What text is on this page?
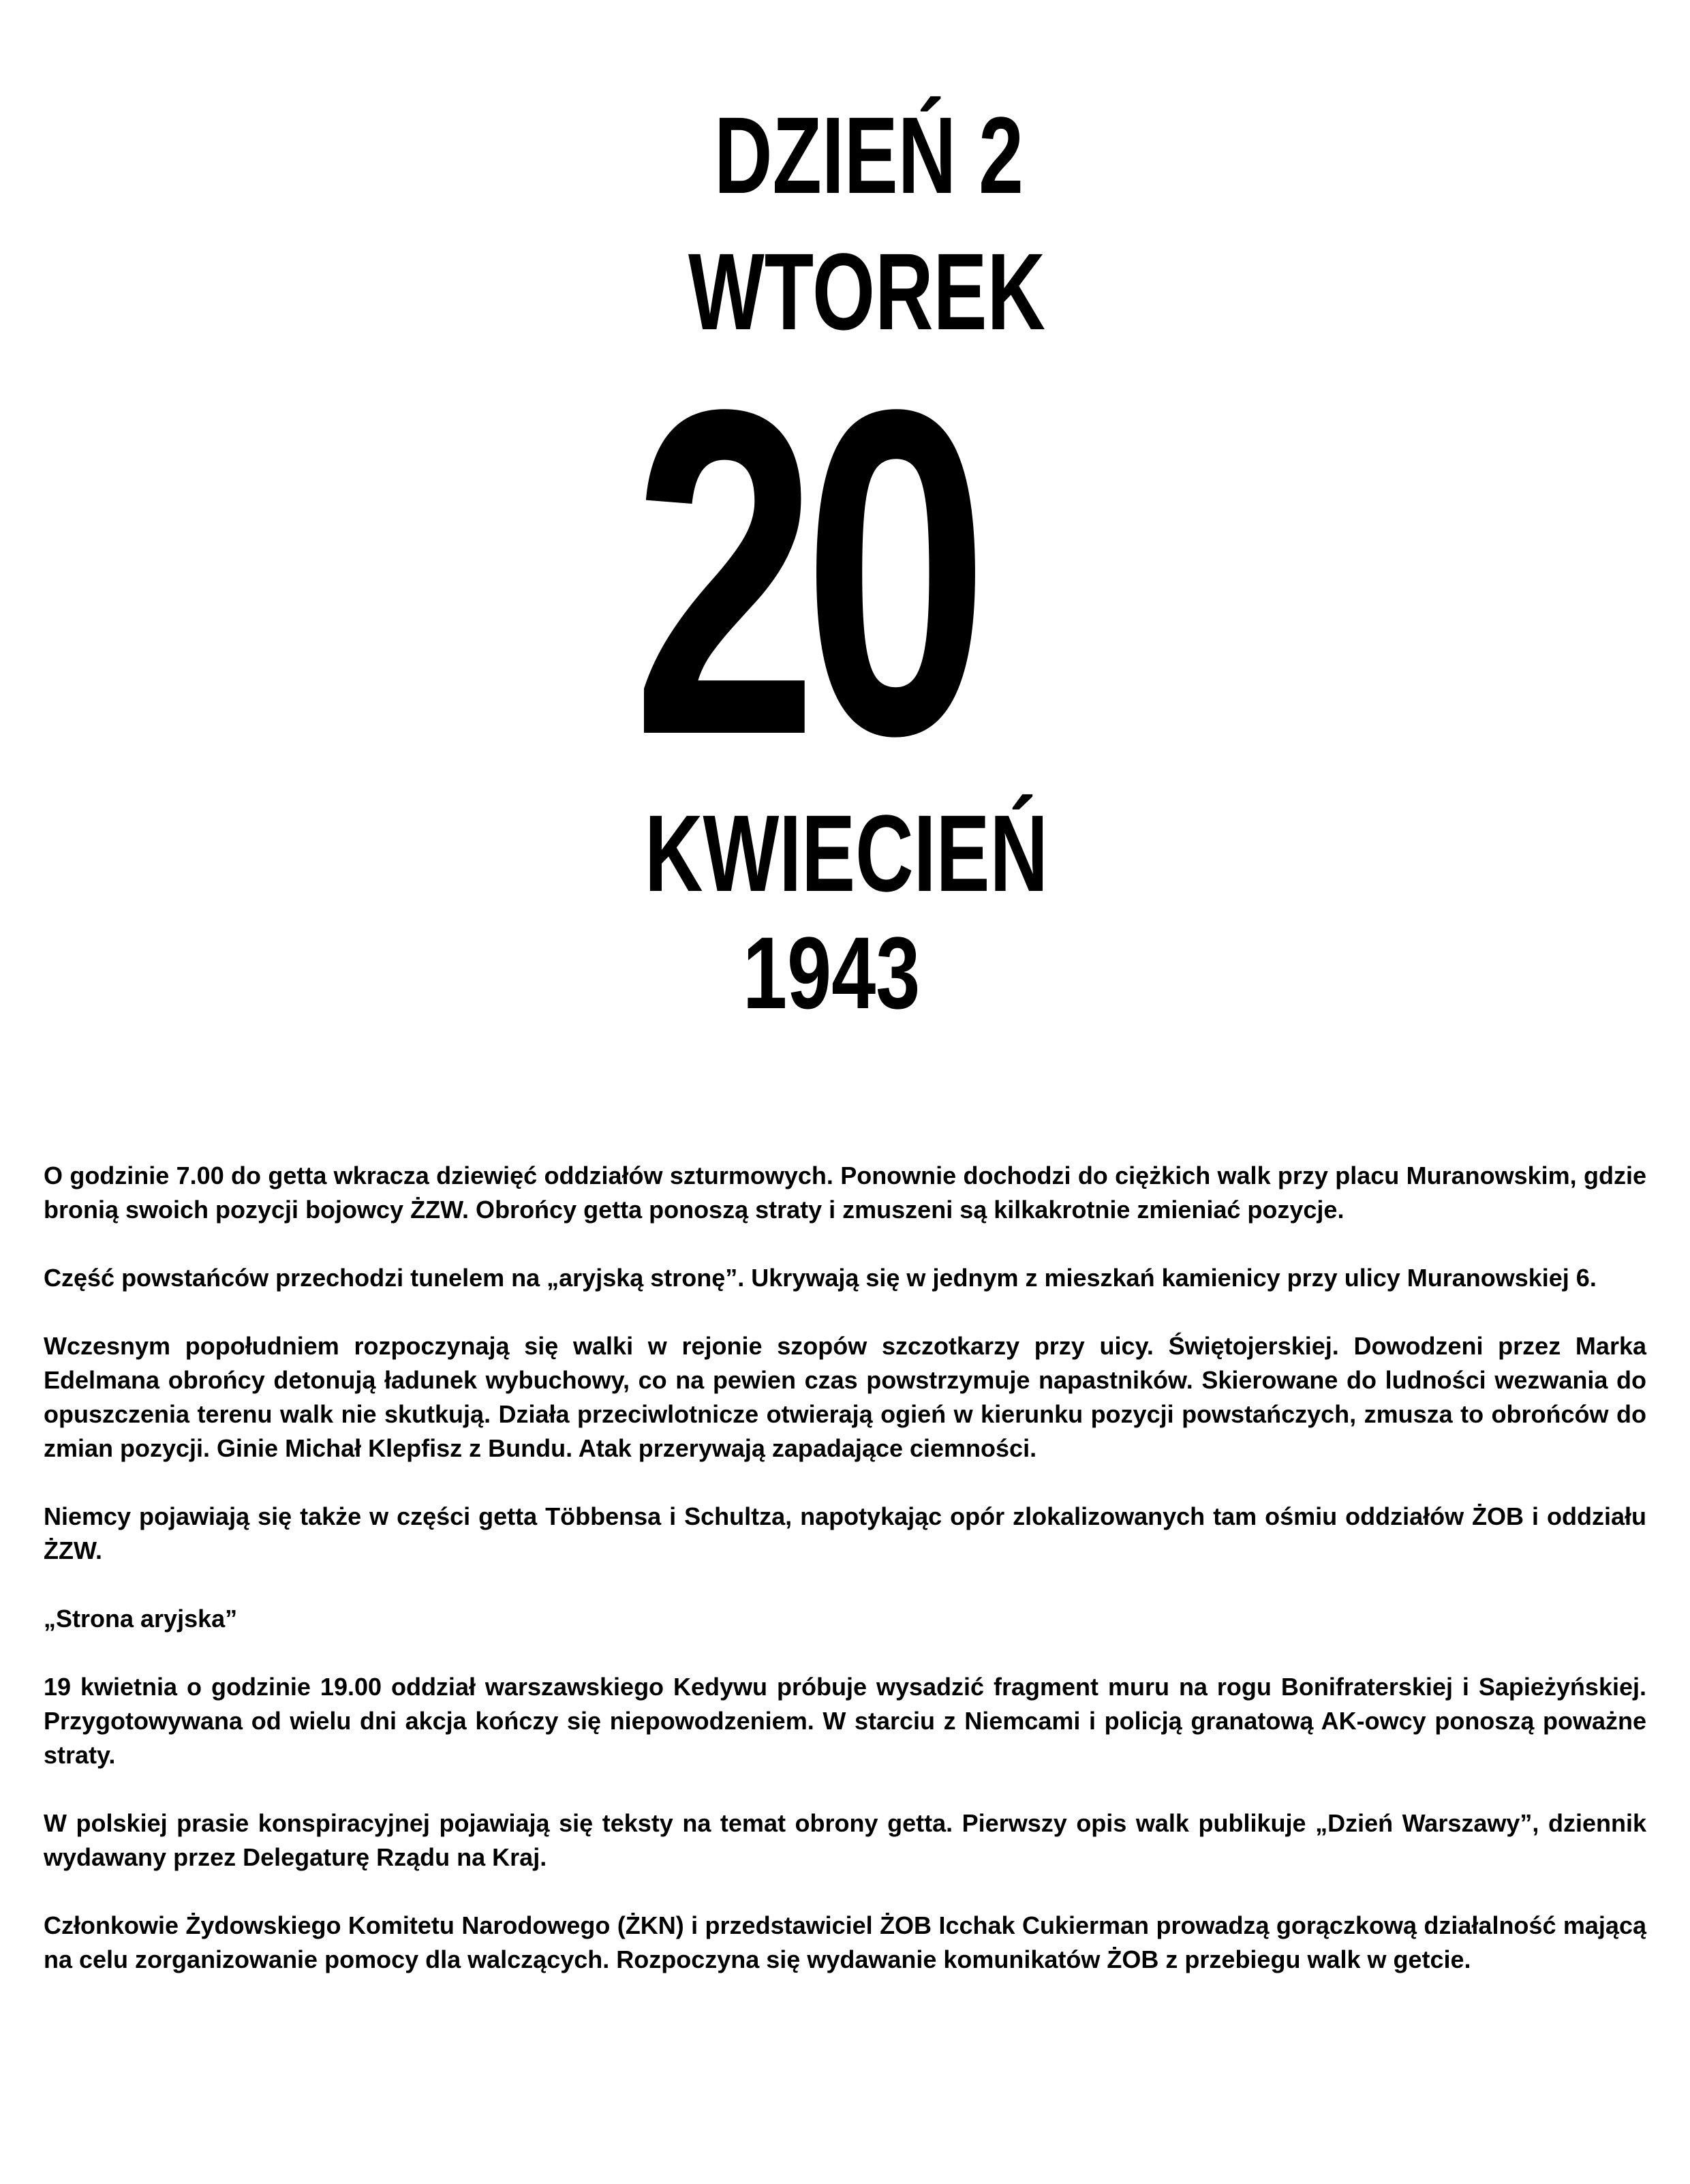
DZIEŃ 2
WTOREK
20
KWIECIEŃ
1943

O godzinie 7.00 do getta wkracza dziewięć oddziałów szturmowych. Ponownie dochodzi do ciężkich walk przy placu Muranowskim, gdzie bronią swoich pozycji bojowcy ŻZW. Obrońcy getta ponoszą straty i zmuszeni są kilkakrotnie zmieniać pozycje.

Część powstańców przechodzi tunelem na „aryjską stronę”. Ukrywają się w jednym z mieszkań kamienicy przy ulicy Muranowskiej 6.

Wczesnym popołudniem rozpoczynają się walki w rejonie szopów szczotkarzy przy uicy. Świętojerskiej. Dowodzeni przez Marka Edelmana obrońcy detonują ładunek wybuchowy, co na pewien czas powstrzymuje napastników. Skierowane do ludności wezwania do opuszczenia terenu walk nie skutkują. Działa przeciwlotnicze otwierają ogień w kierunku pozycji powstańczych, zmusza to obrońców do zmian pozycji. Ginie Michał Klepfisz z Bundu. Atak przerywają zapadające ciemności.

Niemcy pojawiają się także w części getta Többensa i Schultza, napotykając opór zlokalizowanych tam ośmiu oddziałów ŻOB i oddziału ŻZW.

„Strona aryjska”

19 kwietnia o godzinie 19.00 oddział warszawskiego Kedywu próbuje wysadzić fragment muru na rogu Bonifraterskiej i Sapieżyńskiej. Przygotowywana od wielu dni akcja kończy się niepowodzeniem. W starciu z Niemcami i policją granatową AK-owcy ponoszą poważne straty.

W polskiej prasie konspiracyjnej pojawiają się teksty na temat obrony getta. Pierwszy opis walk publikuje „Dzień Warszawy”, dziennik wydawany przez Delegaturę Rządu na Kraj.

Członkowie Żydowskiego Komitetu Narodowego (ŻKN) i przedstawiciel ŻOB Icchak Cukierman prowadzą gorączkową działalność mającą na celu zorganizowanie pomocy dla walczących. Rozpoczyna się wydawanie komunikatów ŻOB z przebiegu walk w getcie.
